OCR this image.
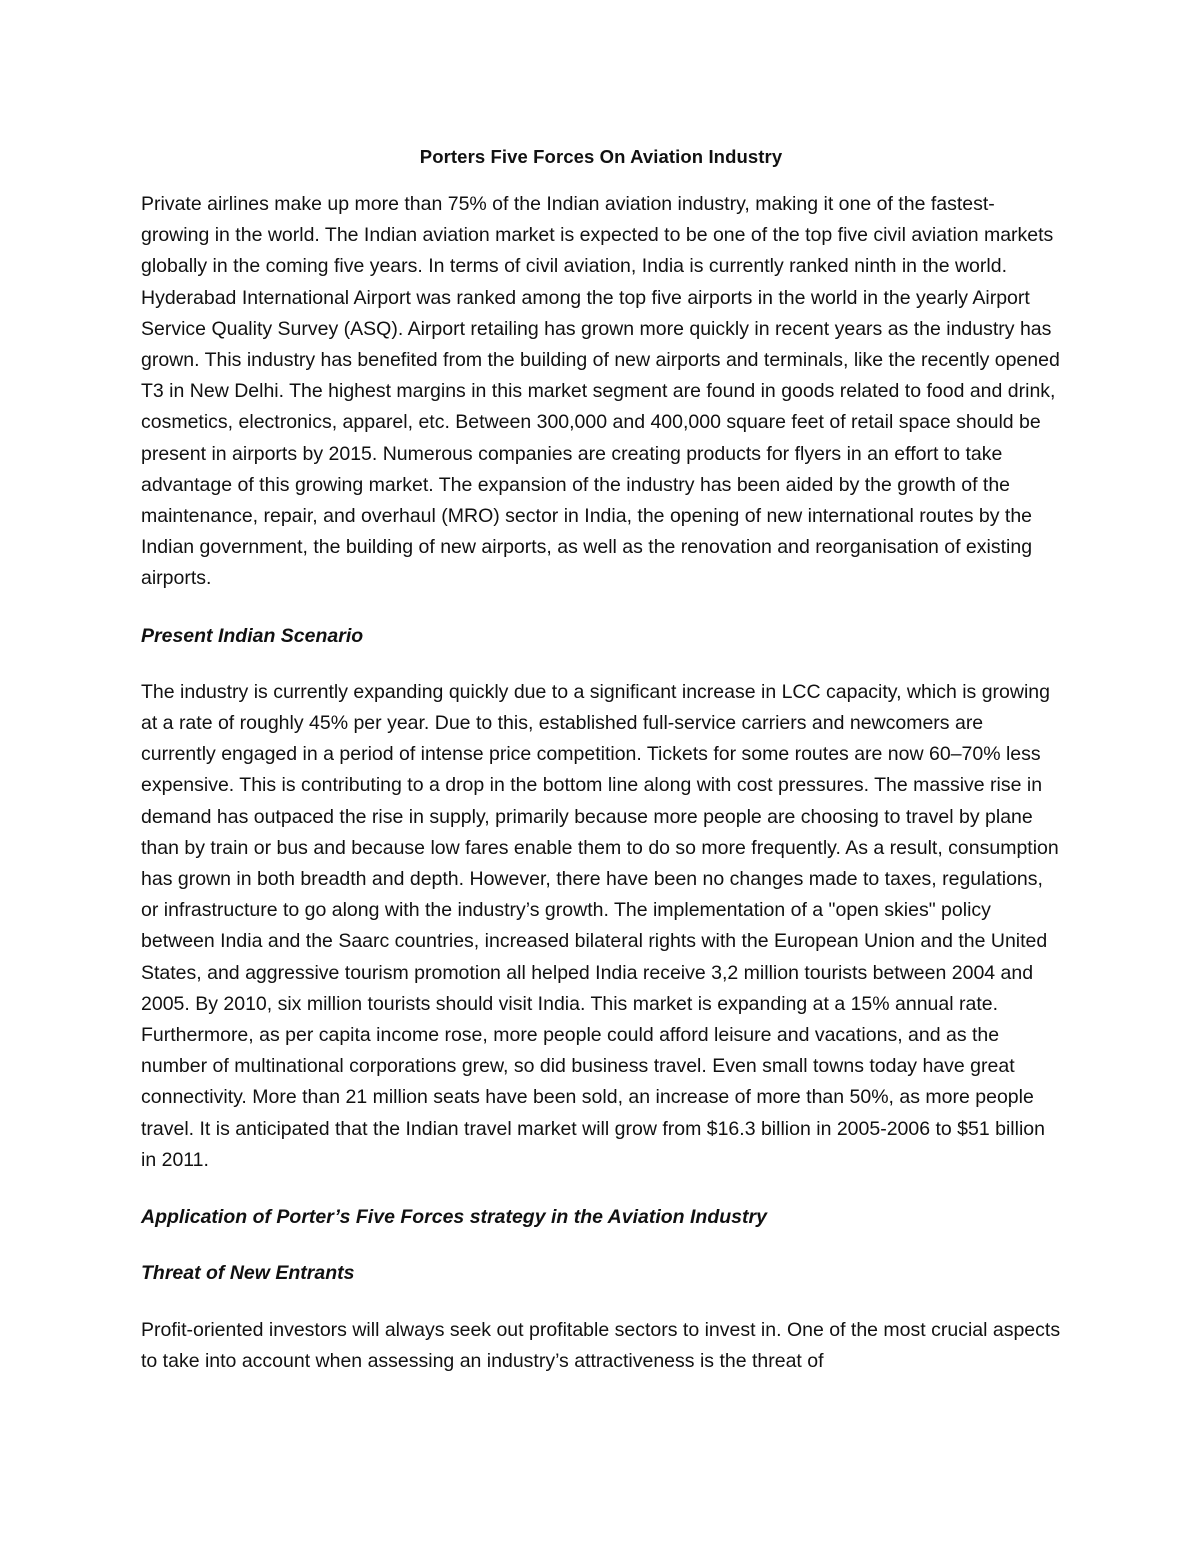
Porters Five Forces On Aviation Industry

Private airlines make up more than 75% of the Indian aviation industry, making it one of the fastest-growing in the world. The Indian aviation market is expected to be one of the top five civil aviation markets globally in the coming five years. In terms of civil aviation, India is currently ranked ninth in the world. Hyderabad International Airport was ranked among the top five airports in the world in the yearly Airport Service Quality Survey (ASQ). Airport retailing has grown more quickly in recent years as the industry has grown. This industry has benefited from the building of new airports and terminals, like the recently opened T3 in New Delhi. The highest margins in this market segment are found in goods related to food and drink, cosmetics, electronics, apparel, etc. Between 300,000 and 400,000 square feet of retail space should be present in airports by 2015. Numerous companies are creating products for flyers in an effort to take advantage of this growing market. The expansion of the industry has been aided by the growth of the maintenance, repair, and overhaul (MRO) sector in India, the opening of new international routes by the Indian government, the building of new airports, as well as the renovation and reorganisation of existing airports.

Present Indian Scenario

The industry is currently expanding quickly due to a significant increase in LCC capacity, which is growing at a rate of roughly 45% per year. Due to this, established full-service carriers and newcomers are currently engaged in a period of intense price competition. Tickets for some routes are now 60–70% less expensive. This is contributing to a drop in the bottom line along with cost pressures. The massive rise in demand has outpaced the rise in supply, primarily because more people are choosing to travel by plane than by train or bus and because low fares enable them to do so more frequently. As a result, consumption has grown in both breadth and depth. However, there have been no changes made to taxes, regulations, or infrastructure to go along with the industry’s growth. The implementation of a "open skies" policy between India and the Saarc countries, increased bilateral rights with the European Union and the United States, and aggressive tourism promotion all helped India receive 3,2 million tourists between 2004 and 2005. By 2010, six million tourists should visit India. This market is expanding at a 15% annual rate. Furthermore, as per capita income rose, more people could afford leisure and vacations, and as the number of multinational corporations grew, so did business travel. Even small towns today have great connectivity. More than 21 million seats have been sold, an increase of more than 50%, as more people travel. It is anticipated that the Indian travel market will grow from $16.3 billion in 2005-2006 to $51 billion in 2011.

Application of Porter’s Five Forces strategy in the Aviation Industry

Threat of New Entrants

Profit-oriented investors will always seek out profitable sectors to invest in. One of the most crucial aspects to take into account when assessing an industry’s attractiveness is the threat of
